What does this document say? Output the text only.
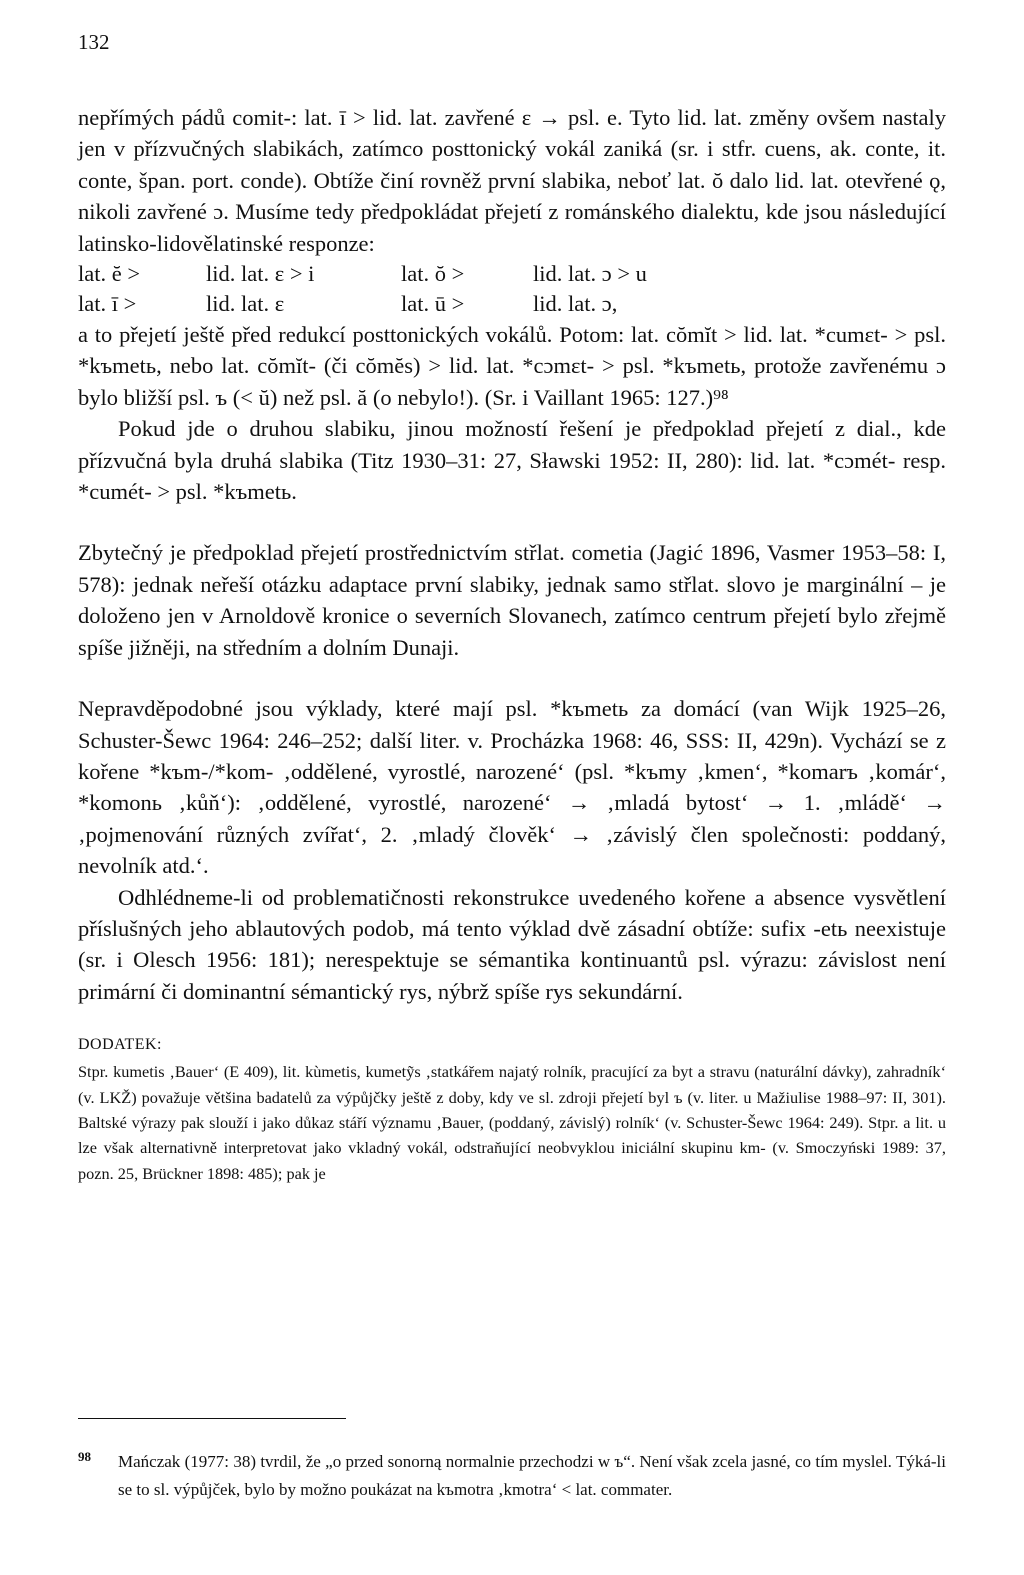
132

nepřímých pádů comit-: lat. ī > lid. lat. zavřené ε → psl. e. Tyto lid. lat. změny ovšem nastaly jen v přízvučných slabikách, zatímco posttonický vokál zaniká (sr. i stfr. cuens, ak. conte, it. conte, špan. port. conde). Obtíže činí rovněž první slabika, neboť lat. ŏ dalo lid. lat. otevřené ǫ, nikoli zavřené ɔ. Musíme tedy předpokládat přejetí z románského dialektu, kde jsou následující latinsko-lidovělatinské responze:

lat. ĕ >	lid. lat. ε > i	lat. ŏ >	lid. lat. ɔ > u
lat. ī >	lid. lat. ε	lat. ū >	lid. lat. ɔ,

a to přejetí ještě před redukcí posttonických vokálů. Potom: lat. cŏmĭt > lid. lat. *cumεt- > psl. *kъmetь, nebo lat. cŏmĭt- (či cŏmĕs) > lid. lat. *cɔmεt- > psl. *kъmetь, protože zavřenému ɔ bylo bližší psl. ъ (< ŭ) než psl. ă (o nebylo!). (Sr. i Vaillant 1965: 127.)⁹⁸

Pokud jde o druhou slabiku, jinou možností řešení je předpoklad přejetí z dial., kde přízvučná byla druhá slabika (Titz 1930–31: 27, Sławski 1952: II, 280): lid. lat. *cɔmét- resp. *cumét- > psl. *kъmetь.

Zbytečný je předpoklad přejetí prostřednictvím střlat. cometia (Jagić 1896, Vasmer 1953–58: I, 578): jednak neřeší otázku adaptace první slabiky, jednak samo střlat. slovo je marginální – je doloženo jen v Arnoldově kronice o severních Slovanech, zatímco centrum přejetí bylo zřejmě spíše jižněji, na středním a dolním Dunaji.

Nepravděpodobné jsou výklady, které mají psl. *kъmetь za domácí (van Wijk 1925–26, Schuster-Šewc 1964: 246–252; další liter. v. Procházka 1968: 46, SSS: II, 429n). Vychází se z kořene *kъm-/*kom- ‚oddělené, vyrostlé, narozené‘ (psl. *kъmy ‚kmen‘, *komarъ ‚komár‘, *komonь ‚kůň‘): ‚oddělené, vyrostlé, narozené‘ → ‚mladá bytost‘ → 1. ‚mládě‘ → ‚pojmenování různých zvířat‘, 2. ‚mladý člověk‘ → ‚závislý člen společnosti: poddaný, nevolník atd.‘.

Odhlédneme-li od problematičnosti rekonstrukce uvedeného kořene a absence vysvětlení příslušných jeho ablautových podob, má tento výklad dvě zásadní obtíže: sufix -etь neexistuje (sr. i Olesch 1956: 181); nerespektuje se sémantika kontinuantů psl. výrazu: závislost není primární či dominantní sémantický rys, nýbrž spíše rys sekundární.

DODATEK:

Stpr. kumetis ‚Bauer‘ (E 409), lit. kùmetis, kumetỹs ‚statkářem najatý rolník, pracující za byt a stravu (naturální dávky), zahradník‘ (v. LKŽ) považuje většina badatelů za výpůjčky ještě z doby, kdy ve sl. zdroji přejetí byl ъ (v. liter. u Mažiulise 1988–97: II, 301). Baltské výrazy pak slouží i jako důkaz stáří významu ‚Bauer, (poddaný, závislý) rolník‘ (v. Schuster-Šewc 1964: 249). Stpr. a lit. u lze však alternativně interpretovat jako vkladný vokál, odstraňující neobvyklou iniciální skupinu km- (v. Smoczyński 1989: 37, pozn. 25, Brückner 1898: 485); pak je

98	Mańczak (1977: 38) tvrdil, že „o przed sonorną normalnie przechodzi w ъ“. Není však zcela jasné, co tím myslel. Týká-li se to sl. výpůjček, bylo by možno poukázat na kъmotra ‚kmotra‘ < lat. commater.
